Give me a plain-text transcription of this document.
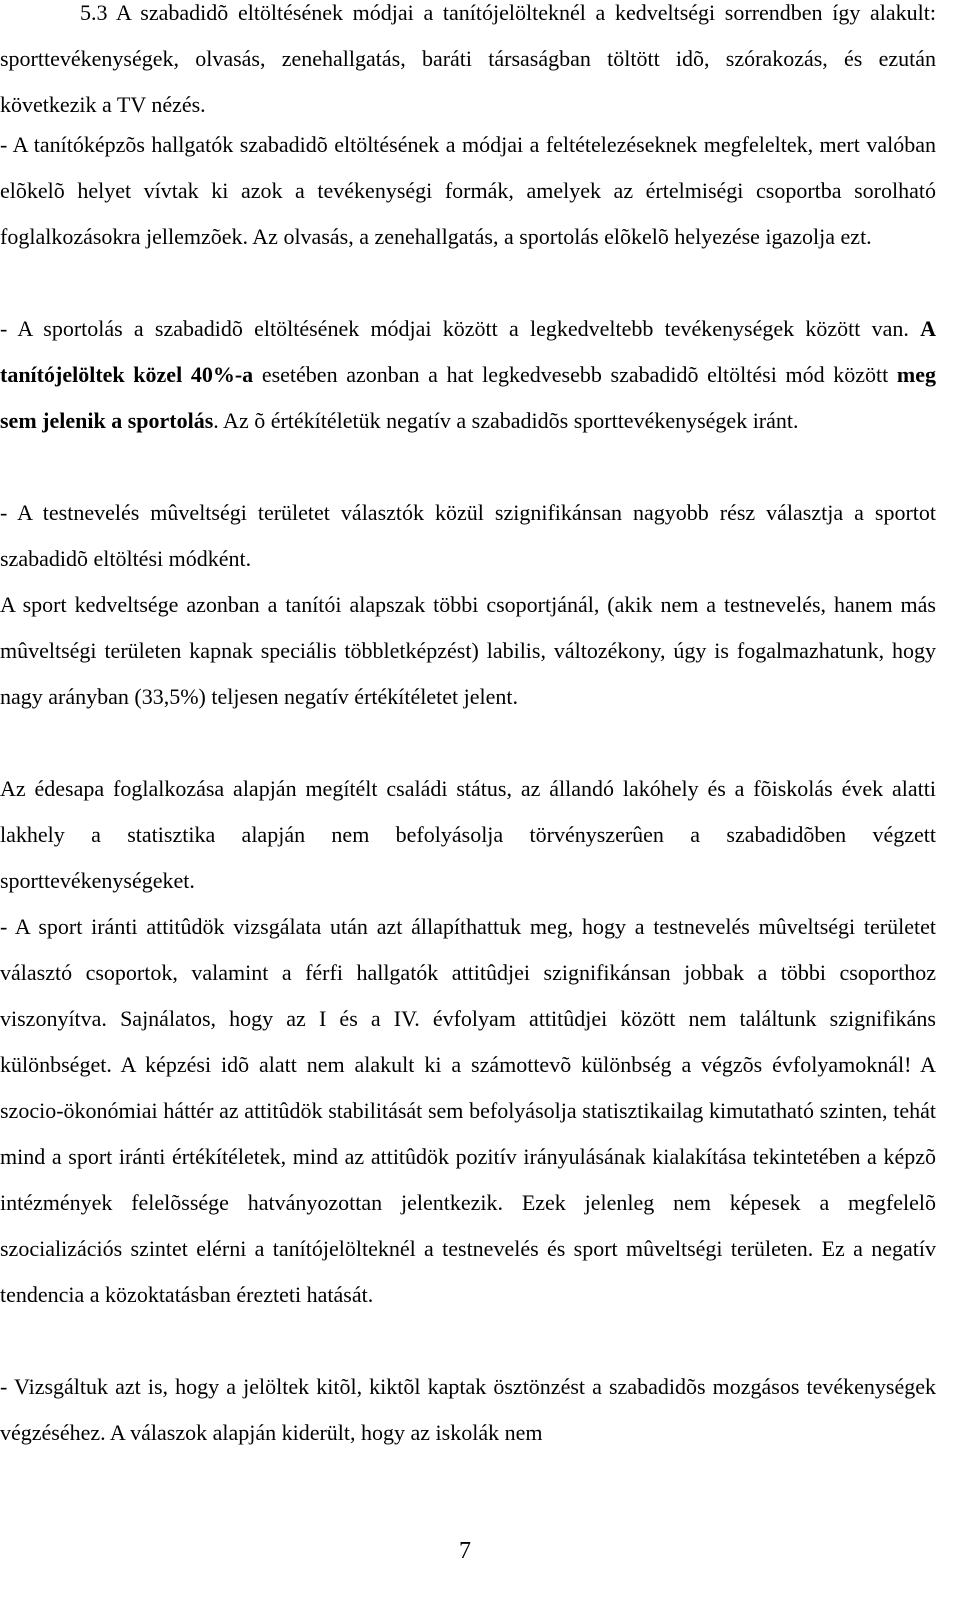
5.3 A szabadidõ eltöltésének módjai a tanítójelölteknél a kedveltségi sorrendben így alakult: sporttevékenységek, olvasás, zenehallgatás, baráti társaságban töltött idõ, szórakozás, és ezután következik a TV nézés.

- A tanítóképzõs hallgatók szabadidõ eltöltésének a módjai a feltételezéseknek megfeleltek, mert valóban elõkelõ helyet vívtak ki azok a tevékenységi formák, amelyek az értelmiségi csoportba sorolható foglalkozásokra jellemzõek. Az olvasás, a zenehallgatás, a sportolás elõkelõ helyezése igazolja ezt.

- A sportolás a szabadidõ eltöltésének módjai között a legkedveltebb tevékenységek között van. A tanítójelöltek közel 40%-a esetében azonban a hat legkedvesebb szabadidõ eltöltési mód között meg sem jelenik a sportolás. Az õ értékítéletük negatív a szabadidõs sporttevékenységek iránt.

- A testnevelés mûveltségi területet választók közül szignifikánsan nagyobb rész választja a sportot szabadidõ eltöltési módként.

A sport kedveltsége azonban a tanítói alapszak többi csoportjánál, (akik nem a testnevelés, hanem más mûveltségi területen kapnak speciális többletképzést) labilis, változékony, úgy is fogalmazhatunk, hogy nagy arányban (33,5%) teljesen negatív értékítéletet jelent.

Az édesapa foglalkozása alapján megítélt családi státus, az állandó lakóhely és a fõiskolás évek alatti lakhely a statisztika alapján nem befolyásolja törvényszerûen a szabadidõben végzett sporttevékenységeket.

- A sport iránti attitûdök vizsgálata után azt állapíthattuk meg, hogy a testnevelés mûveltségi területet választó csoportok, valamint a férfi hallgatók attitûdjei szignifikánsan jobbak a többi csoporthoz viszonyítva. Sajnálatos, hogy az I és a IV. évfolyam attitûdjei között nem találtunk szignifikáns különbséget. A képzési idõ alatt nem alakult ki a számottevõ különbség a végzõs évfolyamoknál! A szocio-ökonómiai háttér az attitûdök stabilitását sem befolyásolja statisztikailag kimutatható szinten, tehát mind a sport iránti értékítéletek, mind az attitûdök pozitív irányulásának kialakítása tekintetében a képzõ intézmények felelõssége hatványozottan jelentkezik. Ezek jelenleg nem képesek a megfelelõ szocializációs szintet elérni a tanítójelölteknél a testnevelés és sport mûveltségi területen. Ez a negatív tendencia a közoktatásban érezteti hatását.

- Vizsgáltuk azt is, hogy a jelöltek kitõl, kiktõl kaptak ösztönzést a szabadidõs mozgásos tevékenységek végzéséhez. A válaszok alapján kiderült, hogy az iskolák nem

7
